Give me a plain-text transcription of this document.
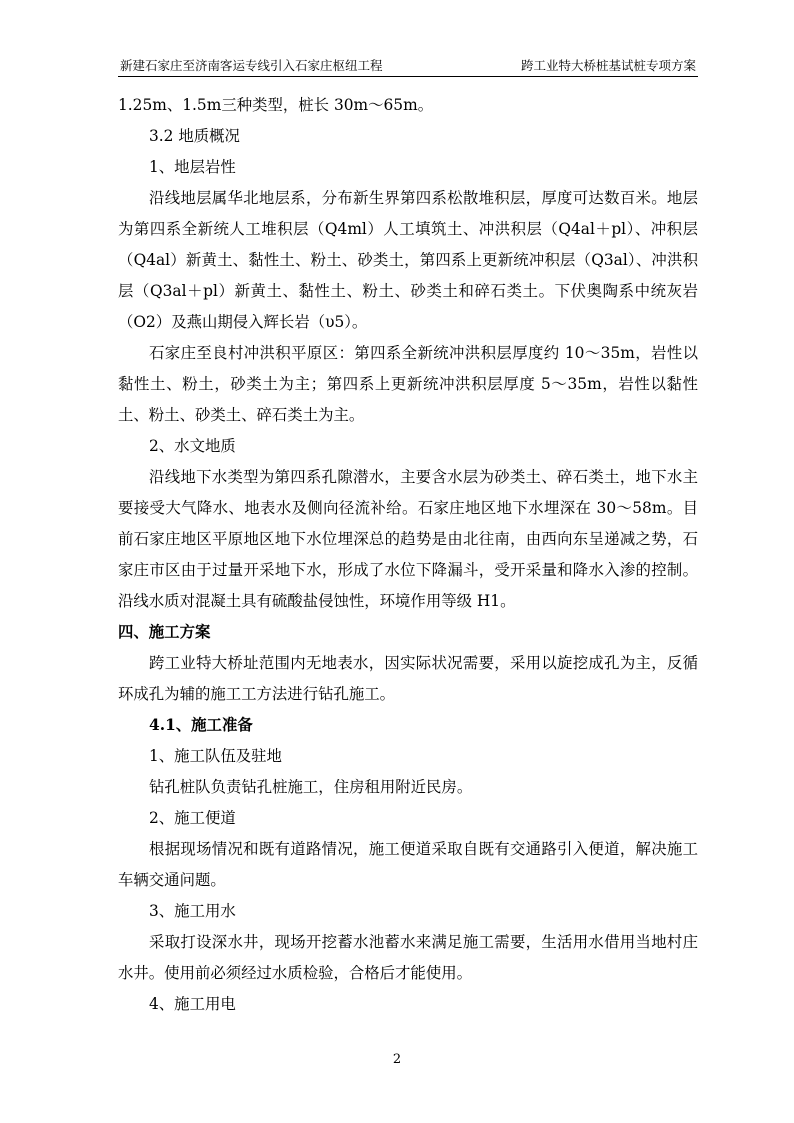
新建石家庄至济南客运专线引入石家庄枢纽工程	跨工业特大桥桩基试桩专项方案

1.25m、1.5m三种类型，桩长 30m～65m。

3.2 地质概况

1、地层岩性

沿线地层属华北地层系，分布新生界第四系松散堆积层，厚度可达数百米。地层为第四系全新统人工堆积层（Q4ml）人工填筑土、冲洪积层（Q4al＋pl）、冲积层（Q4al）新黄土、黏性土、粉土、砂类土，第四系上更新统冲积层（Q3al）、冲洪积层（Q3al＋pl）新黄土、黏性土、粉土、砂类土和碎石类土。下伏奥陶系中统灰岩（O2）及燕山期侵入辉长岩（υ5）。

石家庄至良村冲洪积平原区：第四系全新统冲洪积层厚度约 10～35m，岩性以黏性土、粉土，砂类土为主；第四系上更新统冲洪积层厚度 5～35m，岩性以黏性土、粉土、砂类土、碎石类土为主。

2、水文地质

沿线地下水类型为第四系孔隙潜水，主要含水层为砂类土、碎石类土，地下水主要接受大气降水、地表水及侧向径流补给。石家庄地区地下水埋深在 30～58m。目前石家庄地区平原地区地下水位埋深总的趋势是由北往南，由西向东呈递减之势，石家庄市区由于过量开采地下水，形成了水位下降漏斗，受开采量和降水入渗的控制。沿线水质对混凝土具有硫酸盐侵蚀性，环境作用等级 H1。

四、施工方案

跨工业特大桥址范围内无地表水，因实际状况需要，采用以旋挖成孔为主，反循环成孔为辅的施工工方法进行钻孔施工。

4.1、施工准备

1、施工队伍及驻地

钻孔桩队负责钻孔桩施工，住房租用附近民房。

2、施工便道

根据现场情况和既有道路情况，施工便道采取自既有交通路引入便道，解决施工车辆交通问题。

3、施工用水

采取打设深水井，现场开挖蓄水池蓄水来满足施工需要，生活用水借用当地村庄水井。使用前必须经过水质检验，合格后才能使用。

4、施工用电

2
